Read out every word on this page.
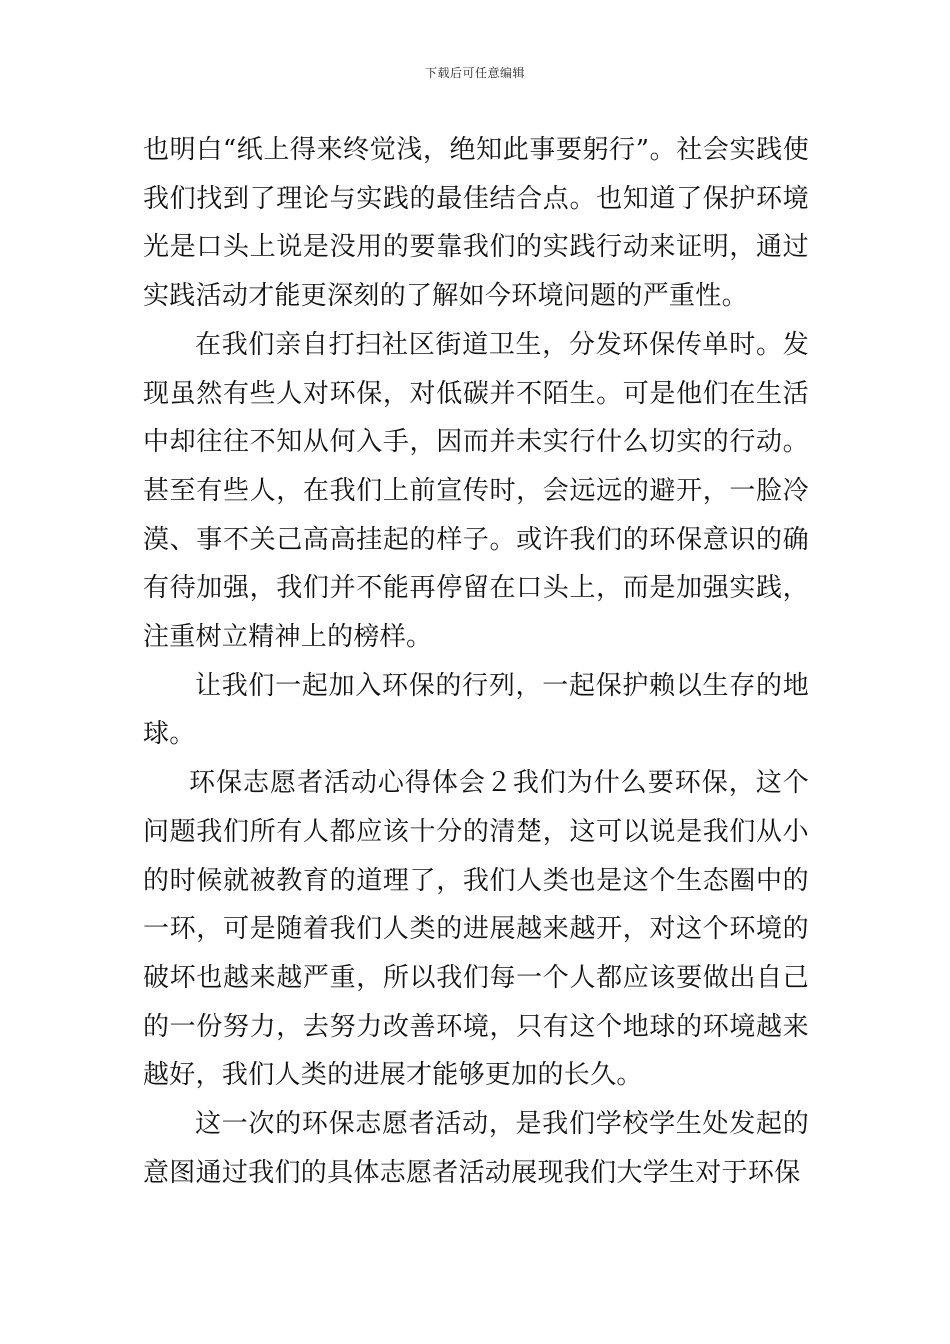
下载后可任意编辑

也明白“纸上得来终觉浅，绝知此事要躬行”。社会实践使我们找到了理论与实践的最佳结合点。也知道了保护环境光是口头上说是没用的要靠我们的实践行动来证明，通过实践活动才能更深刻的了解如今环境问题的严重性。

在我们亲自打扫社区街道卫生，分发环保传单时。发现虽然有些人对环保，对低碳并不陌生。可是他们在生活中却往往不知从何入手，因而并未实行什么切实的行动。甚至有些人，在我们上前宣传时，会远远的避开，一脸冷漠、事不关己高高挂起的样子。或许我们的环保意识的确有待加强，我们并不能再停留在口头上，而是加强实践，注重树立精神上的榜样。

让我们一起加入环保的行列，一起保护赖以生存的地球。

环保志愿者活动心得体会２我们为什么要环保，这个问题我们所有人都应该十分的清楚，这可以说是我们从小的时候就被教育的道理了，我们人类也是这个生态圈中的一环，可是随着我们人类的进展越来越开，对这个环境的破坏也越来越严重，所以我们每一个人都应该要做出自己的一份努力，去努力改善环境，只有这个地球的环境越来越好，我们人类的进展才能够更加的长久。

这一次的环保志愿者活动，是我们学校学生处发起的意图通过我们的具体志愿者活动展现我们大学生对于环保
